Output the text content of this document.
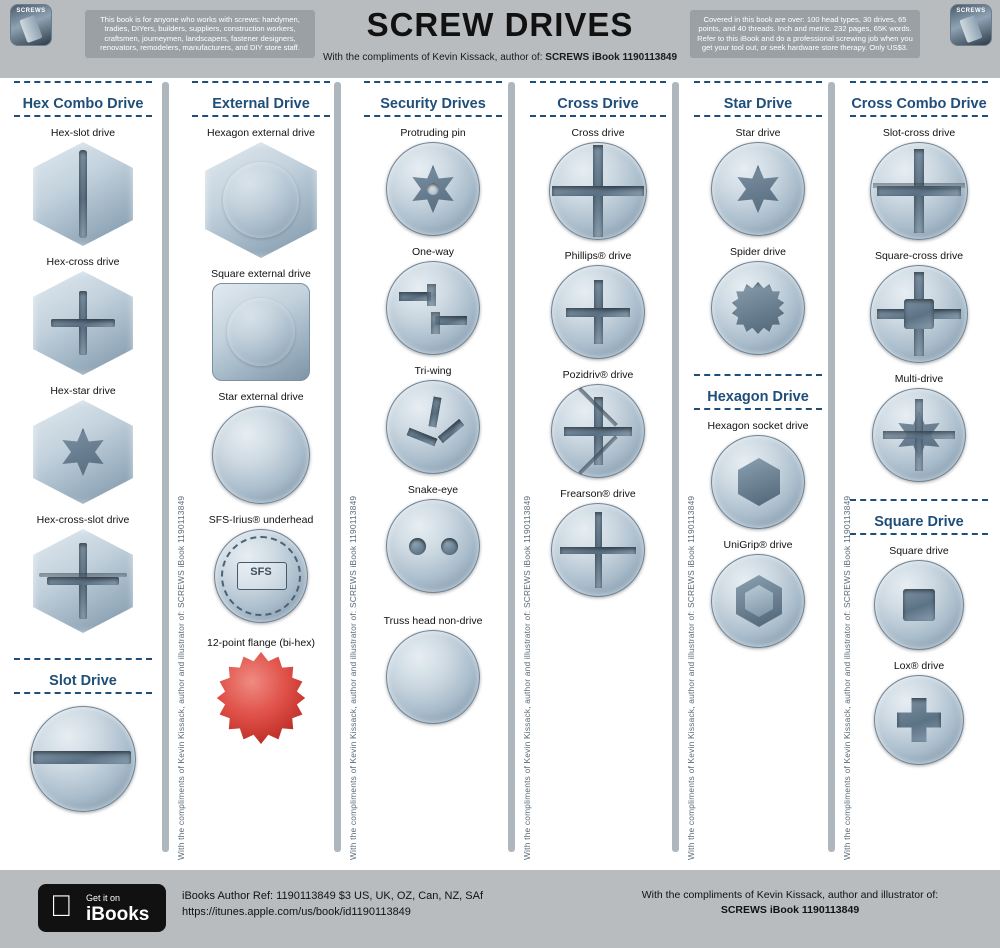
SCREWS	SCREWS
This book is for anyone who works with screws: handymen, tradies, DIYers, builders, suppliers, construction workers, craftsmen, journeymen, landscapers, fastener designers, renovators, remodelers, manufacturers, and DIY store staff.
SCREW DRIVES
With the compliments of Kevin Kissack, author of: SCREWS iBook 1190113849
Covered in this book are over: 100 head types, 30 drives, 65 points, and 40 threads. Inch and metric. 232 pages, 65K words. Refer to this iBook and do a professional screwing job when you get your tool out, or seek hardware store therapy. Only US$3.
With the compliments of Kevin Kissack, author and illustrator of: SCREWS iBook 1190113849	With the compliments of Kevin Kissack, author and illustrator of: SCREWS iBook 1190113849	With the compliments of Kevin Kissack, author and illustrator of: SCREWS iBook 1190113849	With the compliments of Kevin Kissack, author and illustrator of: SCREWS iBook 1190113849	With the compliments of Kevin Kissack, author and illustrator of: SCREWS iBook 1190113849
Hex Combo Drive
Hex-slot drive
Hex-cross drive
Hex-star drive
Hex-cross-slot drive
Slot Drive
External Drive
Hexagon external drive
Square external drive
Star external drive
SFS-Irius® underhead
SFS
12-point flange (bi-hex)
Security Drives
Protruding pin
One-way
Tri-wing
Snake-eye
Truss head non-drive
Cross Drive
Cross drive
Phillips® drive
Pozidriv® drive
Frearson® drive
Star Drive
Star drive
Spider drive
Hexagon Drive
Hexagon socket drive
UniGrip® drive
Cross Combo Drive
Slot-cross drive
Square-cross drive
Multi-drive
Square Drive
Square drive
Lox® drive
Get it on
iBooks
iBooks Author Ref: 1190113849 $3 US, UK, OZ, Can, NZ, SAf
https://itunes.apple.com/us/book/id1190113849
With the compliments of Kevin Kissack, author and illustrator of:
SCREWS iBook 1190113849
